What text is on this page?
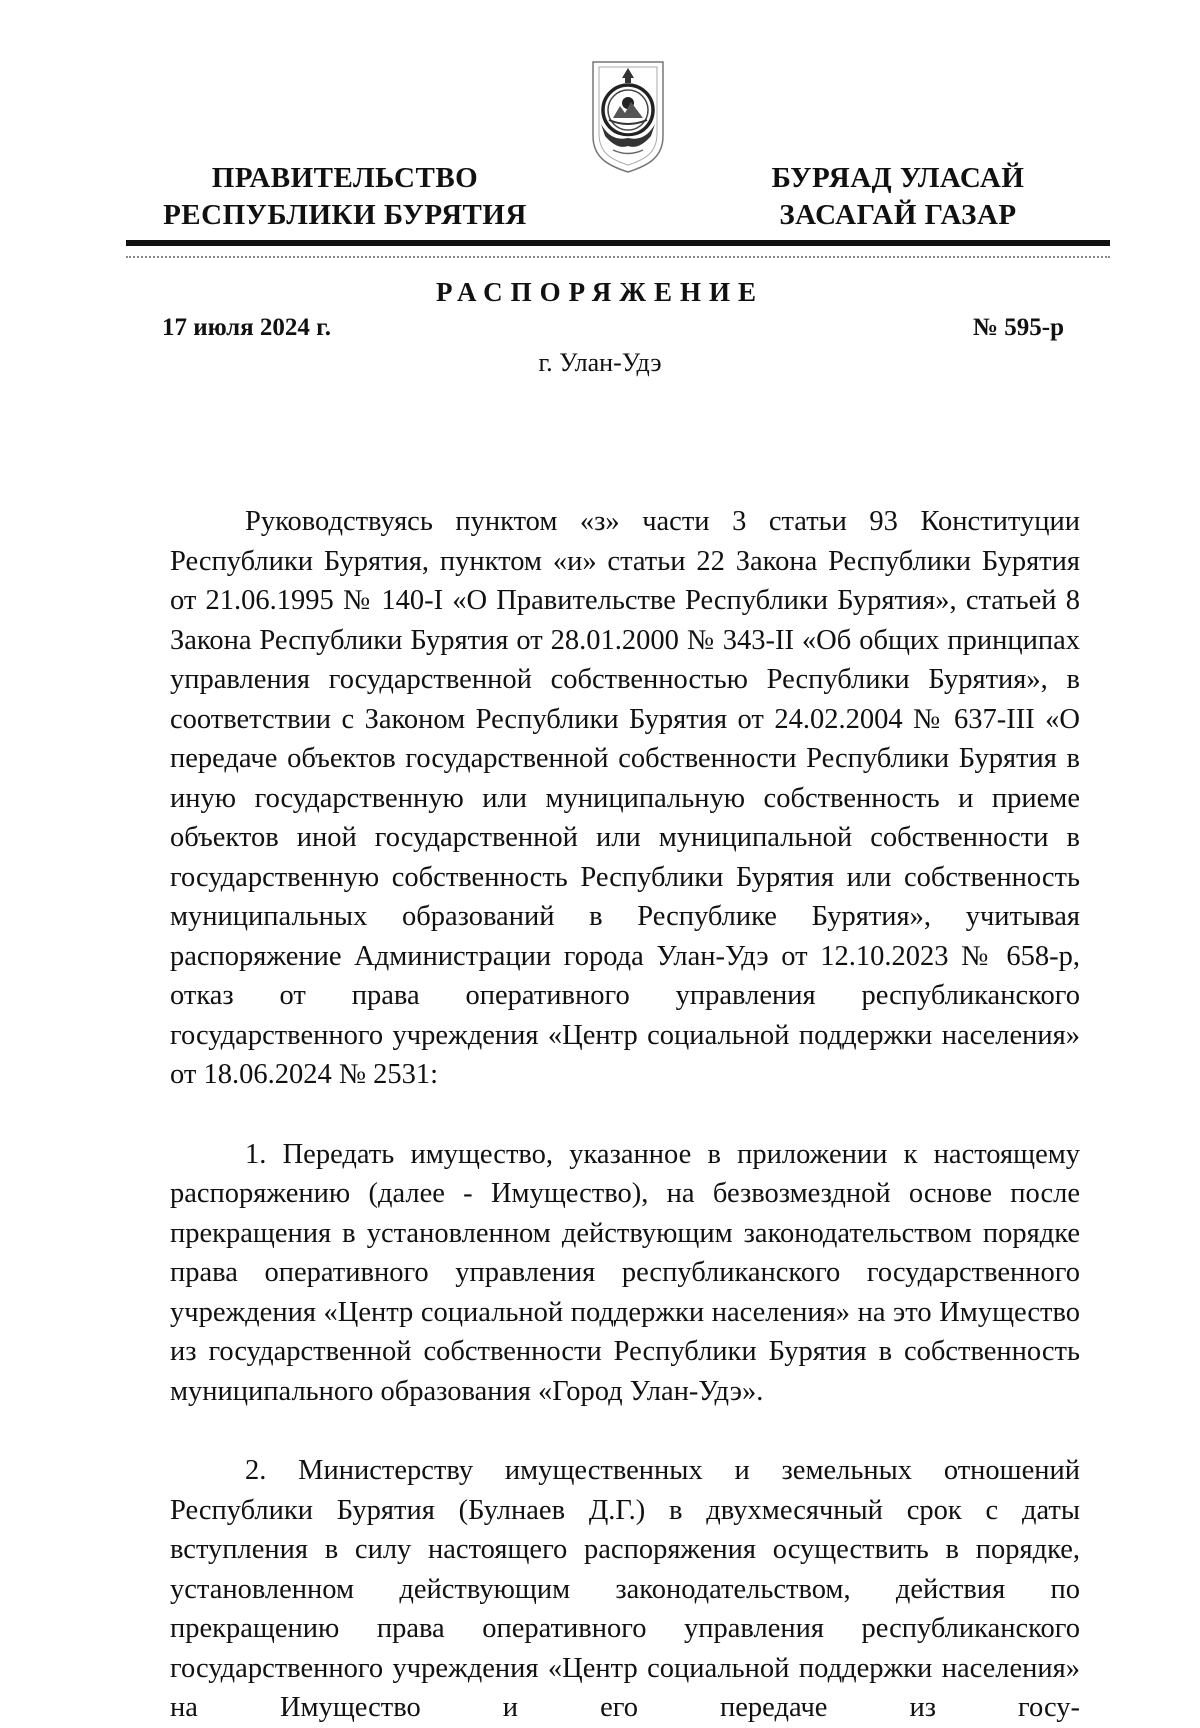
ПРАВИТЕЛЬСТВО
РЕСПУБЛИКИ БУРЯТИЯ
БУРЯАД УЛАСАЙ
ЗАСАГАЙ ГАЗАР
РАСПОРЯЖЕНИЕ
17 июля 2024 г.	№ 595-р
г. Улан-Удэ

Руководствуясь пунктом «з» части 3 статьи 93 Конституции Республики Бурятия, пунктом «и» статьи 22 Закона Республики Бурятия от 21.06.1995 № 140-I «О Правительстве Республики Бурятия», статьей 8 Закона Республики Бурятия от 28.01.2000 № 343-II «Об общих принципах управления государственной собственностью Республики Бурятия», в соответствии с Законом Республики Бурятия от 24.02.2004 № 637-III «О передаче объектов государственной собственности Республики Бурятия в иную государственную или муниципальную собственность и приеме объектов иной государственной или муниципальной собственности в государственную собственность Республики Бурятия или собственность муниципальных образований в Республике Бурятия», учитывая распоряжение Администрации города Улан-Удэ от 12.10.2023 № 658-р, отказ от права оперативного управления республиканского государственного учреждения «Центр социальной поддержки населения» от 18.06.2024 № 2531:

1. Передать имущество, указанное в приложении к настоящему распоряжению (далее - Имущество), на безвозмездной основе после прекращения в установленном действующим законодательством порядке права оперативного управления республиканского государственного учреждения «Центр социальной поддержки населения» на это Имущество из государственной собственности Республики Бурятия в собственность муниципального образования «Город Улан-Удэ».

2. Министерству имущественных и земельных отношений Республики Бурятия (Булнаев Д.Г.) в двухмесячный срок с даты вступления в силу настоящего распоряжения осуществить в порядке, установленном действующим законодательством, действия по прекращению права оперативного управления республиканского государственного учреждения «Центр социальной поддержки населения» на Имущество и его передаче из госу-
